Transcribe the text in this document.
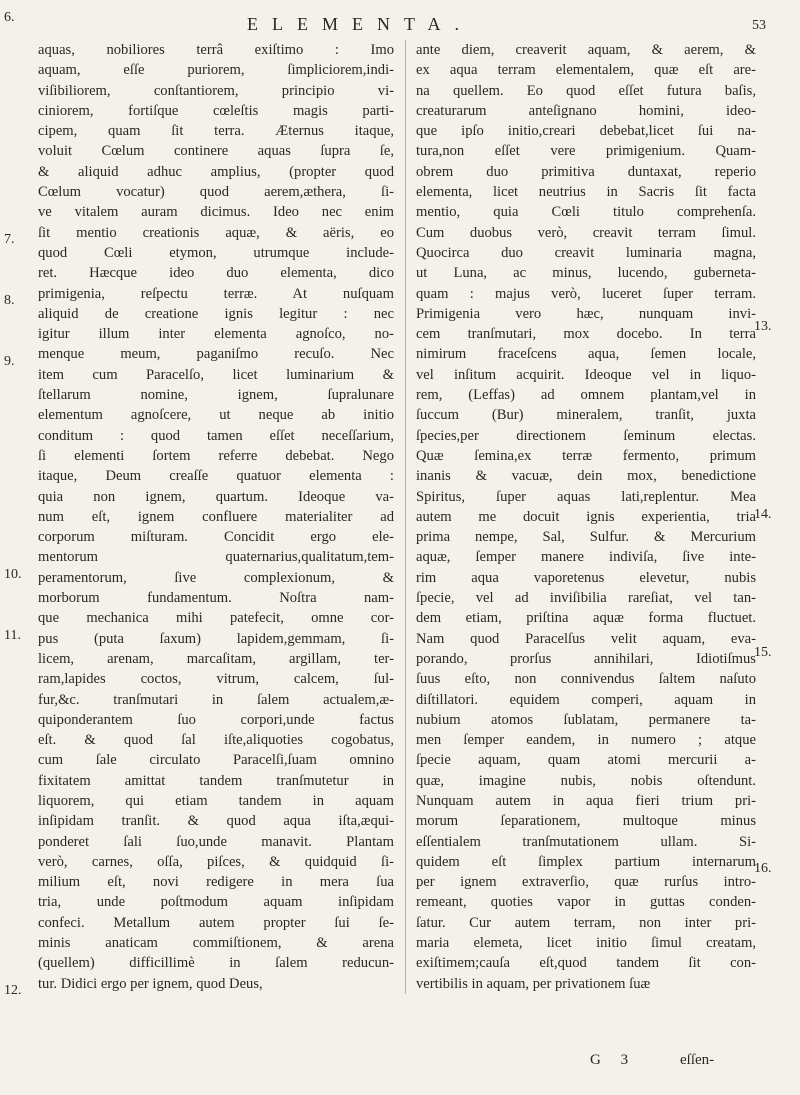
ELEMENTA.	53
aquas, nobiliores terrâ exiſtimo : Imo
aquam, eſſe puriorem, ſimpliciorem,indi-
viſibiliorem, conſtantiorem, principio vi-
ciniorem, fortiſque cœleſtis magis parti-
cipem, quam ſit terra. Æternus itaque,
voluit Cœlum continere aquas ſupra ſe,
& aliquid adhuc amplius, (propter quod
Cœlum vocatur) quod aerem,æthera, ſi-
ve vitalem auram dicimus. Ideo nec enim
ſit mentio creationis aquæ, & aëris, eo
quod Cœli etymon, utrumque include-
ret. Hæcque ideo duo elementa, dico
primigenia, reſpectu terræ. At nuſquam
aliquid de creatione ignis legitur : nec
igitur illum inter elementa agnoſco, no-
menque meum, paganiſmo recuſo. Nec
item cum Paracelſo, licet luminarium &
ſtellarum nomine, ignem, ſupralunare
elementum agnoſcere, ut neque ab initio
conditum : quod tamen eſſet neceſſarium,
ſi elementi ſortem referre debebat. Nego
itaque, Deum creaſſe quatuor elementa :
quia non ignem, quartum. Ideoque va-
num eſt, ignem confluere materialiter ad
corporum miſturam. Concidit ergo ele-
mentorum quaternarius,qualitatum,tem-
peramentorum, ſive complexionum, &
morborum fundamentum. Noſtra nam-
que mechanica mihi patefecit, omne cor-
pus (puta ſaxum) lapidem,gemmam, ſi-
licem, arenam, marcaſitam, argillam, ter-
ram,lapides coctos, vitrum, calcem, ſul-
fur,&c. tranſmutari in ſalem actualem,æ-
quiponderantem ſuo corpori,unde factus
eſt. & quod ſal iſte,aliquoties cogobatus,
cum ſale circulato Paracelſi,ſuam omnino
fixitatem amittat tandem tranſmutetur in
liquorem, qui etiam tandem in aquam
inſipidam tranſit. & quod aqua iſta,æqui-
ponderet ſali ſuo,unde manavit. Plantam
verò, carnes, oſſa, piſces, & quidquid ſi-
milium eſt, novi redigere in mera ſua
tria, unde poſtmodum aquam inſipidam
confeci. Metallum autem propter ſui ſe-
minis anaticam commiſtionem, & arena
(quellem) difficillimè in ſalem reducun-
tur. Didici ergo per ignem, quod Deus,
ante diem, creaverit aquam, & aerem, &
ex aqua terram elementalem, quæ eſt are-
na quellem. Eo quod eſſet futura baſis,
creaturarum anteſignano homini, ideo-
que ipſo initio,creari debebat,licet ſui na-
tura,non eſſet vere primigenium. Quam-
obrem duo primitiva duntaxat, reperio
elementa, licet neutrius in Sacris ſit facta
mentio, quia Cœli titulo comprehenſa.
Cum duobus verò, creavit terram ſimul.
Quocirca duo creavit luminaria magna,
ut Luna, ac minus, lucendo, guberneta-
quam : majus verò, luceret ſuper terram.
Primigenia vero hæc, nunquam invi-
cem tranſmutari, mox docebo. In terra
nimirum fraceſcens aqua, ſemen locale,
vel inſitum acquirit. Ideoque vel in liquo-
rem, (Leffas) ad omnem plantam,vel in
ſuccum (Bur) mineralem, tranſit, juxta
ſpecies,per directionem ſeminum electas.
Quæ ſemina,ex terræ fermento, primum
inanis & vacuæ, dein mox, benedictione
Spiritus, ſuper aquas lati,replentur. Mea
autem me docuit ignis experientia, tria
prima nempe, Sal, Sulfur. & Mercurium
aquæ, ſemper manere indiviſa, ſive inte-
rim aqua vaporetenus elevetur, nubis
ſpecie, vel ad inviſibilia rareſiat, vel tan-
dem etiam, priſtina aquæ forma fluctuet.
Nam quod Paracelſus velit aquam, eva-
porando, prorſus annihilari, Idiotiſmus
ſuus eſto, non connivendus ſaltem naſuto
diſtillatori. equidem comperi, aquam in
nubium atomos ſublatam, permanere ta-
men ſemper eandem, in numero ; atque
ſpecie aquam, quam atomi mercurii a-
quæ, imagine nubis, nobis oſtendunt.
Nunquam autem in aqua fieri trium pri-
morum ſeparationem, multoque minus
eſſentialem tranſmutationem ullam. Si-
quidem eſt ſimplex partium internarum
per ignem extraverſio, quæ rurſus intro-
remeant, quoties vapor in guttas conden-
ſatur. Cur autem terram, non inter pri-
maria elemeta, licet initio ſimul creatam,
exiſtimem;cauſa eſt,quod tandem ſit con-
vertibilis in aquam, per privationem ſuæ
6.
7.
8.
9.
10.
11.
12.
13.
14.
15.
16.
G 3	eſſen-
